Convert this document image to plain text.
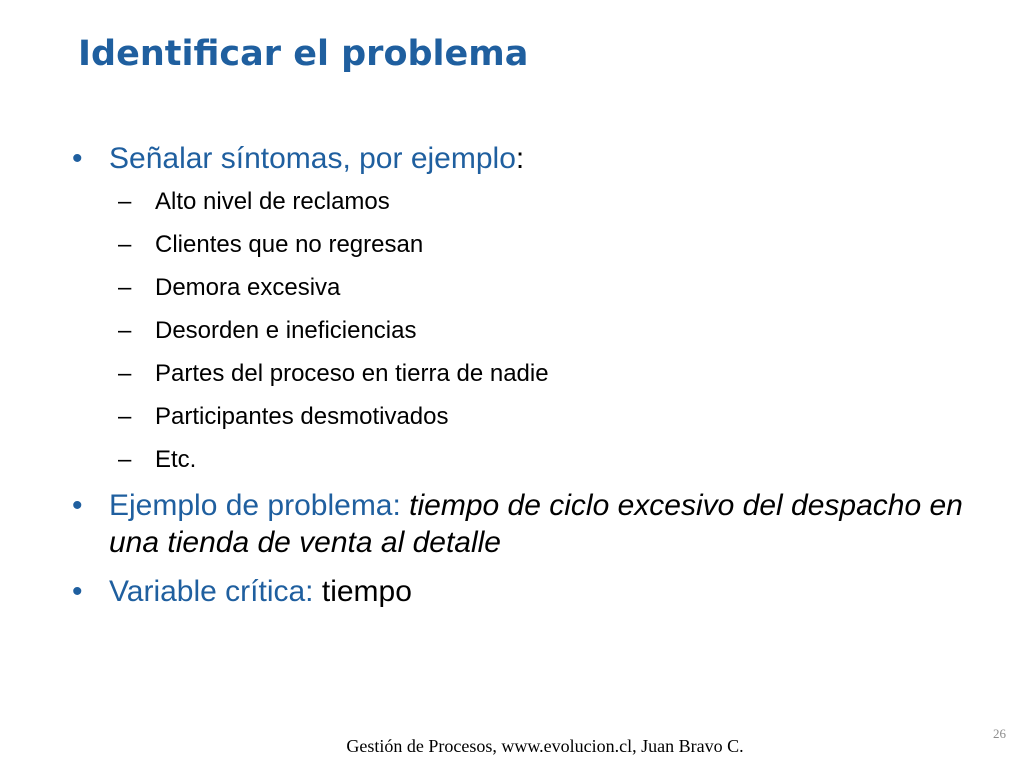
Identificar el problema
• Señalar síntomas, por ejemplo:
– Alto nivel de reclamos
– Clientes que no regresan
– Demora excesiva
– Desorden e ineficiencias
– Partes del proceso en tierra de nadie
– Participantes desmotivados
– Etc.
• Ejemplo de problema: tiempo de ciclo excesivo del despacho en una tienda de venta al detalle
• Variable crítica: tiempo
26
Gestión de Procesos, www.evolucion.cl, Juan Bravo C.
